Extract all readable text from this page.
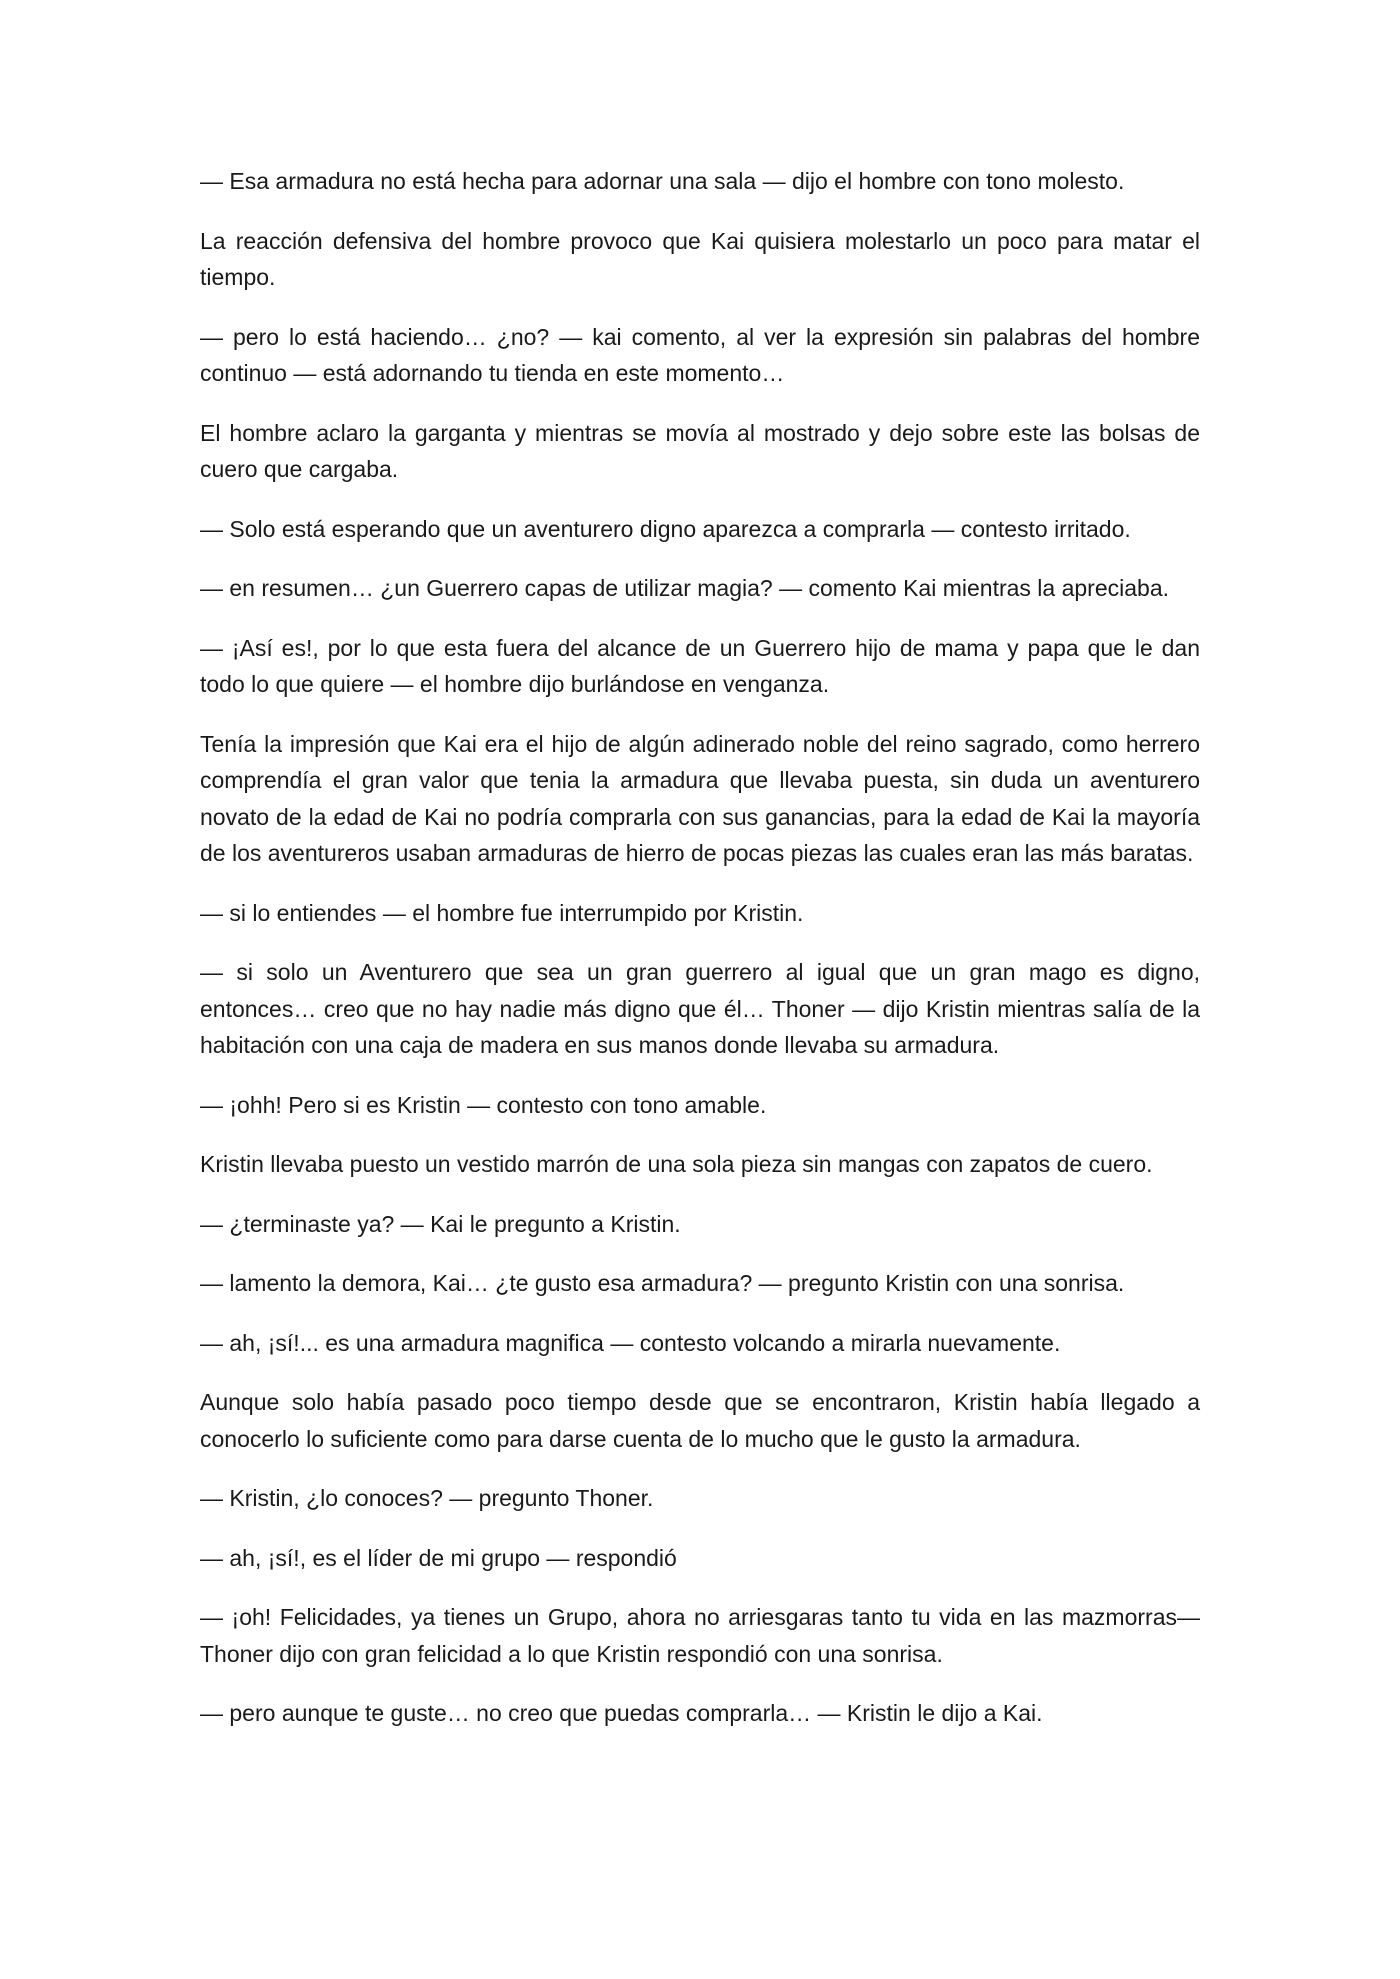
— Esa armadura no está hecha para adornar una sala — dijo el hombre con tono molesto.

La reacción defensiva del hombre provoco que Kai quisiera molestarlo un poco para matar el tiempo.

— pero lo está haciendo… ¿no? — kai comento, al ver la expresión sin palabras del hombre continuo — está adornando tu tienda en este momento…

El hombre aclaro la garganta y mientras se movía al mostrado y dejo sobre este las bolsas de cuero que cargaba.

— Solo está esperando que un aventurero digno aparezca a comprarla — contesto irritado.

— en resumen… ¿un Guerrero capas de utilizar magia? — comento Kai mientras la apreciaba.

— ¡Así es!, por lo que esta fuera del alcance de un Guerrero hijo de mama y papa que le dan todo lo que quiere — el hombre dijo burlándose en venganza.

Tenía la impresión que Kai era el hijo de algún adinerado noble del reino sagrado, como herrero comprendía el gran valor que tenia la armadura que llevaba puesta, sin duda un aventurero novato de la edad de Kai no podría comprarla con sus ganancias, para la edad de Kai la mayoría de los aventureros usaban armaduras de hierro de pocas piezas las cuales eran las más baratas.

— si lo entiendes — el hombre fue interrumpido por Kristin.

— si solo un Aventurero que sea un gran guerrero al igual que un gran mago es digno, entonces… creo que no hay nadie más digno que él… Thoner — dijo Kristin mientras salía de la habitación con una caja de madera en sus manos donde llevaba su armadura.

— ¡ohh! Pero si es Kristin — contesto con tono amable.

Kristin llevaba puesto un vestido marrón de una sola pieza sin mangas con zapatos de cuero.

— ¿terminaste ya? — Kai le pregunto a Kristin.

— lamento la demora, Kai… ¿te gusto esa armadura? — pregunto Kristin con una sonrisa.

— ah, ¡sí!... es una armadura magnifica — contesto volcando a mirarla nuevamente.

Aunque solo había pasado poco tiempo desde que se encontraron, Kristin había llegado a conocerlo lo suficiente como para darse cuenta de lo mucho que le gusto la armadura.

— Kristin, ¿lo conoces? — pregunto Thoner.

— ah, ¡sí!, es el líder de mi grupo — respondió

— ¡oh! Felicidades, ya tienes un Grupo, ahora no arriesgaras tanto tu vida en las mazmorras— Thoner dijo con gran felicidad a lo que Kristin respondió con una sonrisa.

— pero aunque te guste… no creo que puedas comprarla… — Kristin le dijo a Kai.
